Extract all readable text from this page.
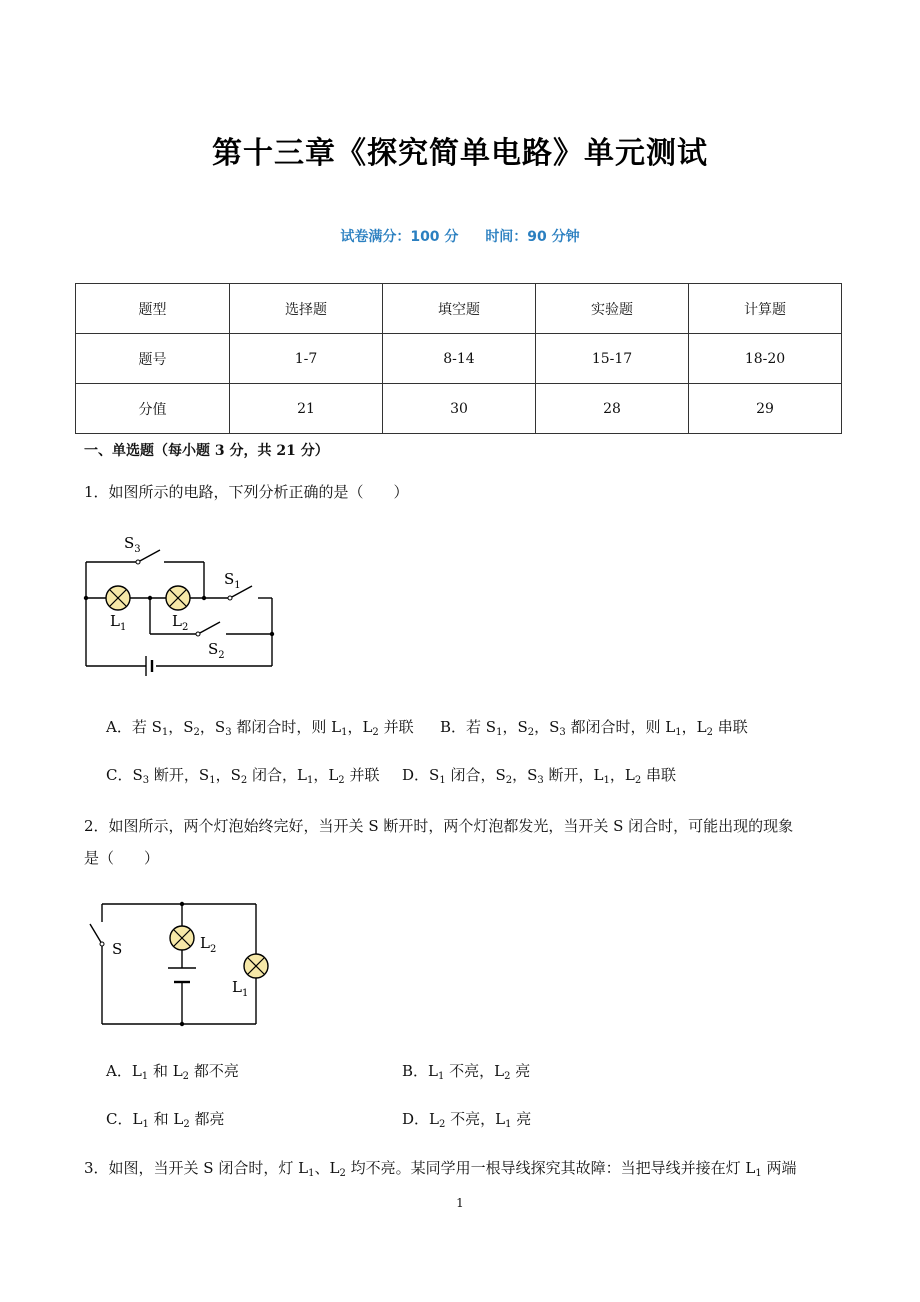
第十三章《探究简单电路》单元测试
试卷满分：100 分 时间：90 分钟
题型	选择题	填空题	实验题	计算题
题号	1-7	8-14	15-17	18-20
分值	21	30	28	29
一、单选题（每小题 3 分，共 21 分）
1．如图所示的电路，下列分析正确的是（　　）
$S_3$
$S_1$
$S_2$
$L_1$	$L_2$
A．若 $S_1$，$S_2$，$S_3$ 都闭合时，则 $L_1$，$L_2$ 并联 B．若 $S_1$，$S_2$，$S_3$ 都闭合时，则 $L_1$，$L_2$ 串联
C．$S_3$ 断开，$S_1$，$S_2$ 闭合，$L_1$，$L_2$ 并联 D．$S_1$ 闭合，$S_2$，$S_3$ 断开，$L_1$，$L_2$ 串联
2．如图所示，两个灯泡始终完好，当开关 S 断开时，两个灯泡都发光，当开关 S 闭合时，可能出现的现象
是（　　）
S	$L_2$
$L_1$
A．$L_1$ 和 $L_2$ 都不亮	B．$L_1$ 不亮，$L_2$ 亮
C．$L_1$ 和 $L_2$ 都亮	D．$L_2$ 不亮，$L_1$ 亮
3．如图，当开关 S 闭合时，灯 $L_1$、$L_2$ 均不亮。某同学用一根导线探究其故障：当把导线并接在灯 $L_1$ 两端
1
